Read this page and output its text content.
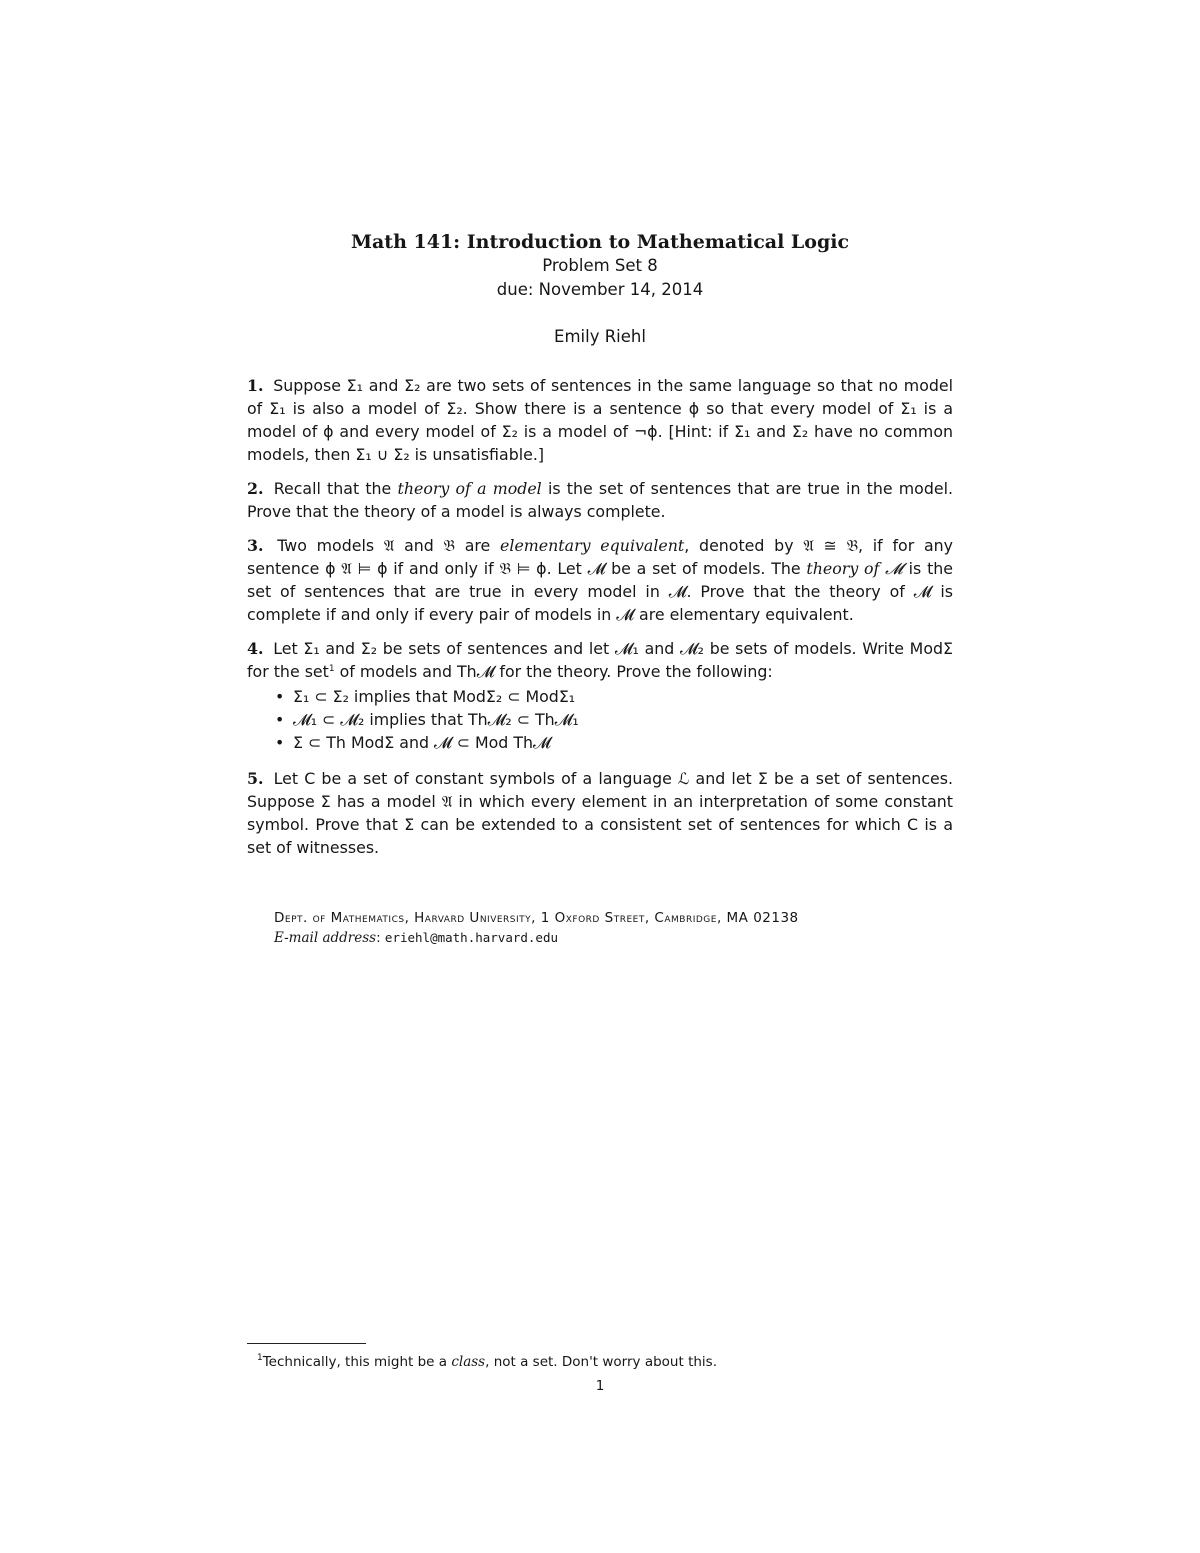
Math 141: Introduction to Mathematical Logic

Problem Set 8

due: November 14, 2014

Emily Riehl

1. Suppose Σ₁ and Σ₂ are two sets of sentences in the same language so that no model of Σ₁ is also a model of Σ₂. Show there is a sentence ϕ so that every model of Σ₁ is a model of ϕ and every model of Σ₂ is a model of ¬ϕ. [Hint: if Σ₁ and Σ₂ have no common models, then Σ₁ ∪ Σ₂ is unsatisfiable.]

2. Recall that the theory of a model is the set of sentences that are true in the model. Prove that the theory of a model is always complete.

3. Two models 𝔄 and 𝔅 are elementary equivalent, denoted by 𝔄 ≅ 𝔅, if for any sentence ϕ 𝔄 ⊨ ϕ if and only if 𝔅 ⊨ ϕ. Let 𝓜 be a set of models. The theory of 𝓜 is the set of sentences that are true in every model in 𝓜. Prove that the theory of 𝓜 is complete if and only if every pair of models in 𝓜 are elementary equivalent.

4. Let Σ₁ and Σ₂ be sets of sentences and let 𝓜₁ and 𝓜₂ be sets of models. Write ModΣ for the set$^1$ of models and Th𝓜 for the theory. Prove the following:

• Σ₁ ⊂ Σ₂ implies that ModΣ₂ ⊂ ModΣ₁
• 𝓜₁ ⊂ 𝓜₂ implies that Th𝓜₂ ⊂ Th𝓜₁
• Σ ⊂ Th ModΣ and 𝓜 ⊂ Mod Th𝓜

5. Let C be a set of constant symbols of a language ℒ and let Σ be a set of sentences. Suppose Σ has a model 𝔄 in which every element in an interpretation of some constant symbol. Prove that Σ can be extended to a consistent set of sentences for which C is a set of witnesses.

Dept. of Mathematics, Harvard University, 1 Oxford Street, Cambridge, MA 02138
E-mail address: eriehl@math.harvard.edu
$^1$Technically, this might be a class, not a set. Don't worry about this.
1
